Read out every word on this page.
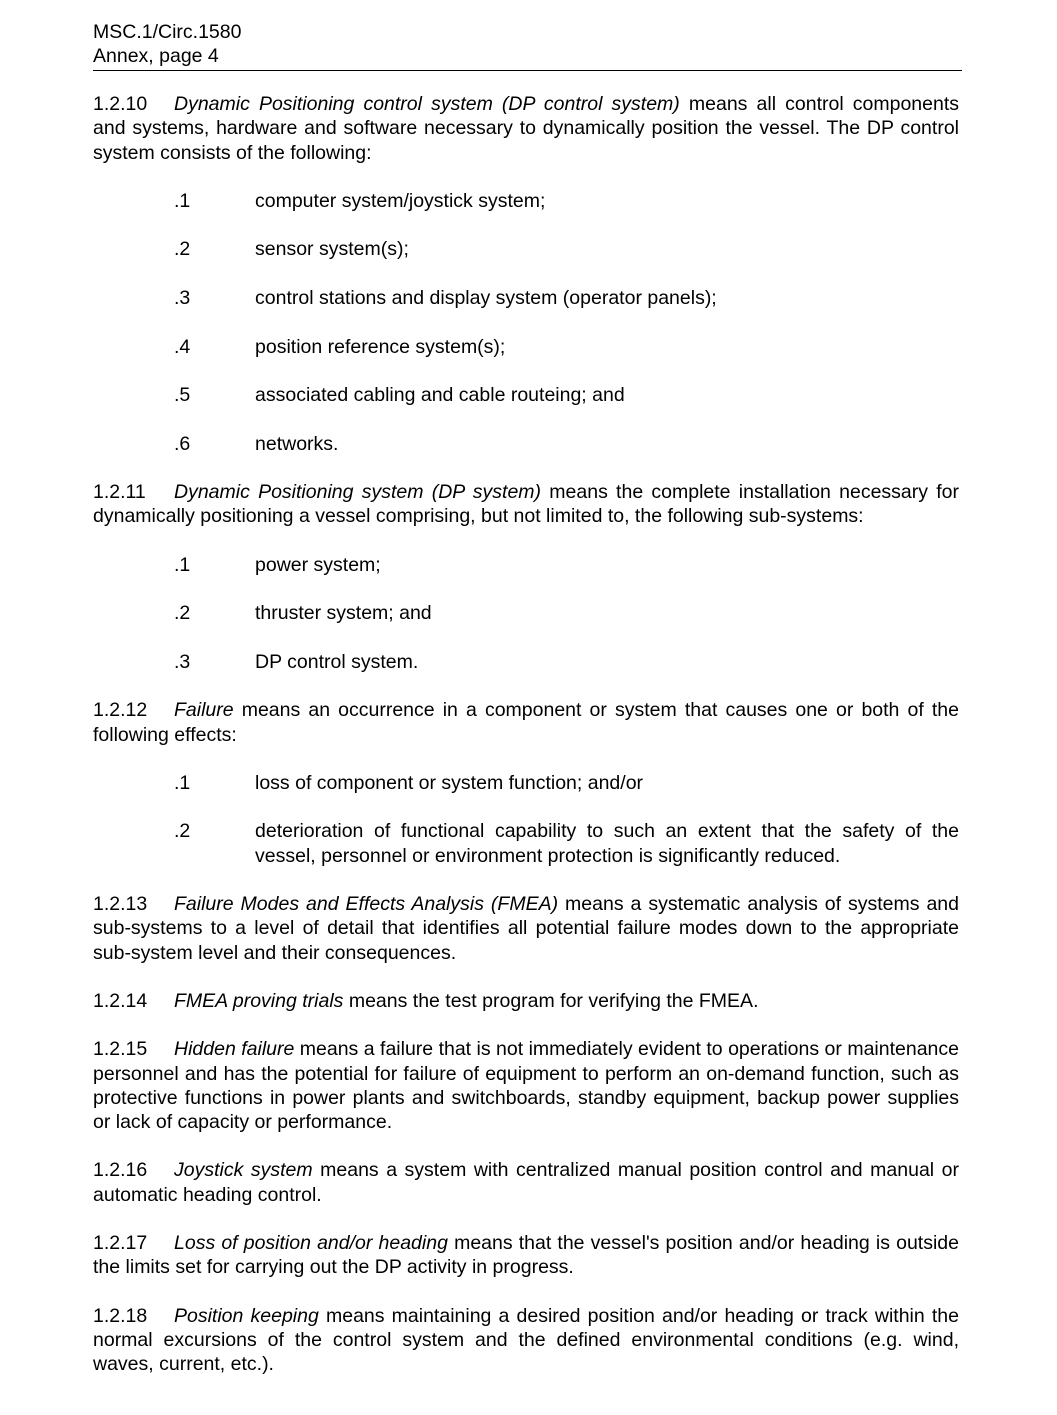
MSC.1/Circ.1580
Annex, page 4
1.2.10 Dynamic Positioning control system (DP control system) means all control components and systems, hardware and software necessary to dynamically position the vessel. The DP control system consists of the following:
.1	computer system/joystick system;
.2	sensor system(s);
.3	control stations and display system (operator panels);
.4	position reference system(s);
.5	associated cabling and cable routeing; and
.6	networks.
1.2.11 Dynamic Positioning system (DP system) means the complete installation necessary for dynamically positioning a vessel comprising, but not limited to, the following sub-systems:
.1	power system;
.2	thruster system; and
.3	DP control system.
1.2.12 Failure means an occurrence in a component or system that causes one or both of the following effects:
.1	loss of component or system function; and/or
.2	deterioration of functional capability to such an extent that the safety of the vessel, personnel or environment protection is significantly reduced.
1.2.13 Failure Modes and Effects Analysis (FMEA) means a systematic analysis of systems and sub-systems to a level of detail that identifies all potential failure modes down to the appropriate sub-system level and their consequences.
1.2.14 FMEA proving trials means the test program for verifying the FMEA.
1.2.15 Hidden failure means a failure that is not immediately evident to operations or maintenance personnel and has the potential for failure of equipment to perform an on-demand function, such as protective functions in power plants and switchboards, standby equipment, backup power supplies or lack of capacity or performance.
1.2.16 Joystick system means a system with centralized manual position control and manual or automatic heading control.
1.2.17 Loss of position and/or heading means that the vessel's position and/or heading is outside the limits set for carrying out the DP activity in progress.
1.2.18 Position keeping means maintaining a desired position and/or heading or track within the normal excursions of the control system and the defined environmental conditions (e.g. wind, waves, current, etc.).
